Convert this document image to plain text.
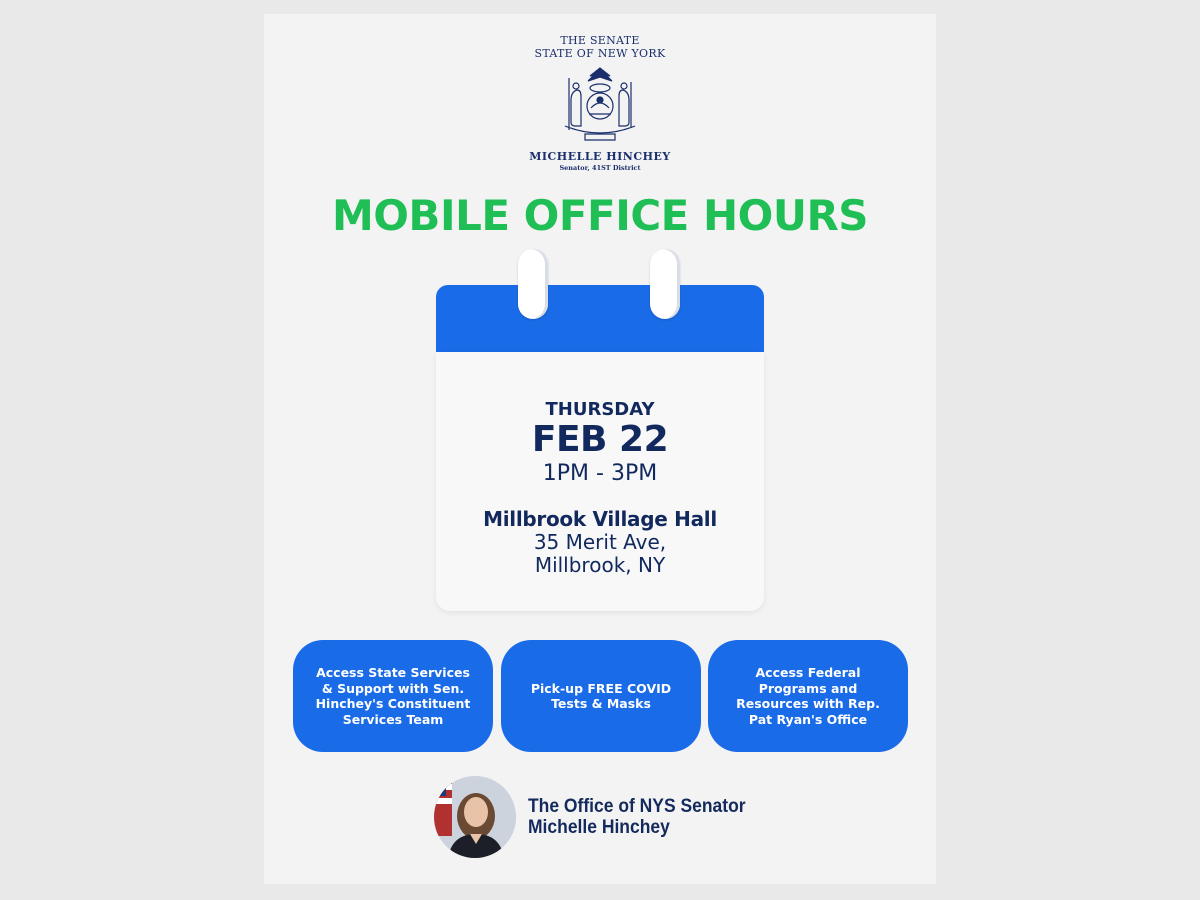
THE SENATE
STATE OF NEW YORK
MICHELLE HINCHEY
Senator, 41ST District
MOBILE OFFICE HOURS
THURSDAY
FEB 22
1PM - 3PM
Millbrook Village Hall
35 Merit Ave,
Millbrook, NY
Access State Services & Support with Sen. Hinchey's Constituent Services Team
Pick-up FREE COVID Tests & Masks
Access Federal Programs and Resources with Rep. Pat Ryan's Office
The Office of NYS Senator
Michelle Hinchey
